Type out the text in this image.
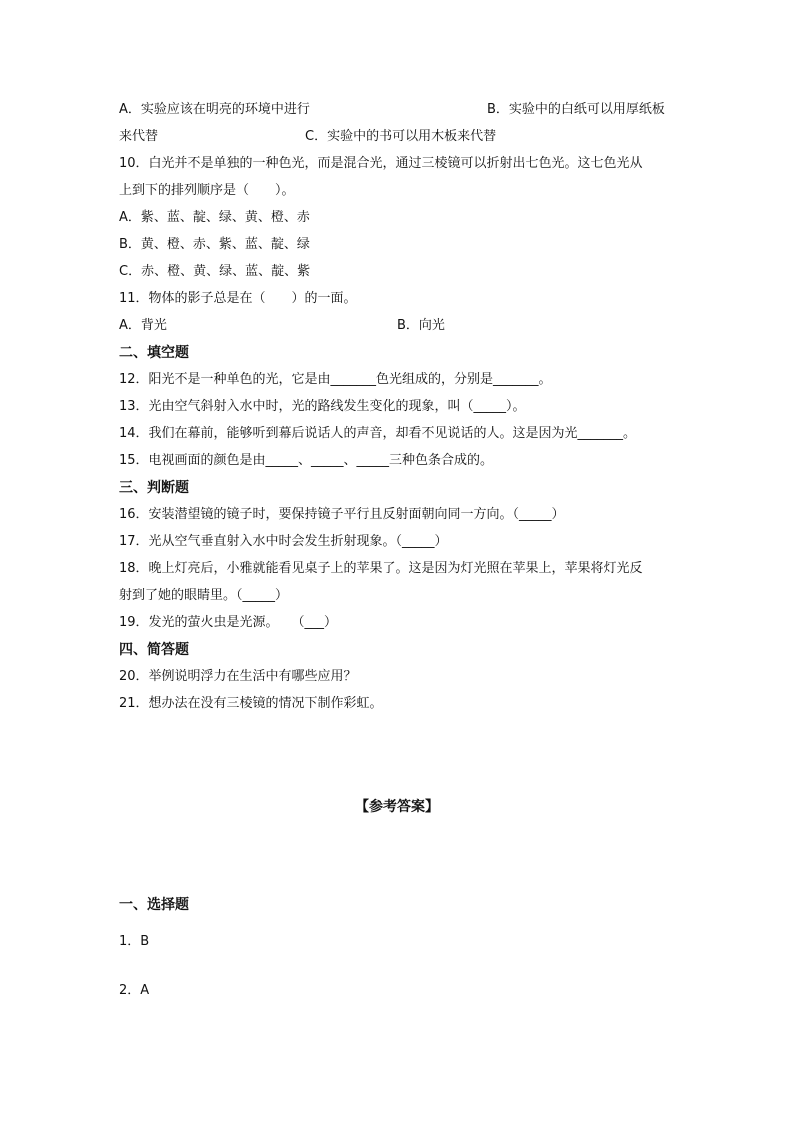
A．实验应该在明亮的环境中进行	B．实验中的白纸可以用厚纸板
来代替	C．实验中的书可以用木板来代替
10．白光并不是单独的一种色光，而是混合光，通过三棱镜可以折射出七色光。这七色光从
上到下的排列顺序是（　　）。
A．紫、蓝、靛、绿、黄、橙、赤
B．黄、橙、赤、紫、蓝、靛、绿
C．赤、橙、黄、绿、蓝、靛、紫
11．物体的影子总是在（　　）的一面。
A．背光	B．向光
二、填空题
12．阳光不是一种单色的光，它是由_______色光组成的，分别是_______。
13．光由空气斜射入水中时，光的路线发生变化的现象，叫（_____）。
14．我们在幕前，能够听到幕后说话人的声音，却看不见说话的人。这是因为光_______。
15．电视画面的颜色是由_____、_____、_____三种色条合成的。
三、判断题
16．安装潜望镜的镜子时，要保持镜子平行且反射面朝向同一方向。（_____）
17．光从空气垂直射入水中时会发生折射现象。（_____）
18．晚上灯亮后，小雅就能看见桌子上的苹果了。这是因为灯光照在苹果上，苹果将灯光反
射到了她的眼睛里。（_____）
19．发光的萤火虫是光源。　　（___）
四、简答题
20．举例说明浮力在生活中有哪些应用？
21．想办法在没有三棱镜的情况下制作彩虹。
【参考答案】
一、选择题
1．B
2．A
